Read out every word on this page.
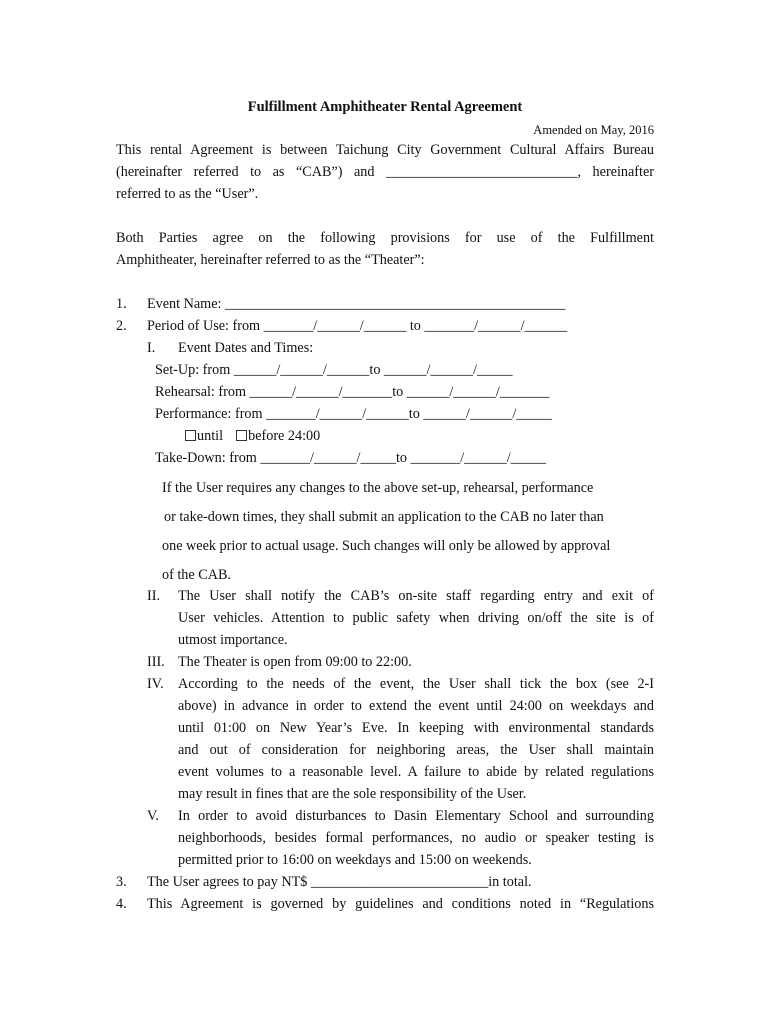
Fulfillment Amphitheater Rental Agreement
Amended on May, 2016
This rental Agreement is between Taichung City Government Cultural Affairs Bureau
(hereinafter referred to as “CAB”) and ___________________________, hereinafter
referred to as the “User”.
Both Parties agree on the following provisions for use of the Fulfillment
Amphitheater, hereinafter referred to as the “Theater”:
1. Event Name: ________________________________________________
2. Period of Use: from _______/______/______ to _______/______/______
I. Event Dates and Times:
Set-Up: from ______/______/______to ______/______/_____
Rehearsal: from ______/______/_______to ______/______/_______
Performance: from _______/______/______to ______/______/_____
until before 24:00
Take-Down: from _______/______/_____to _______/______/_____
If the User requires any changes to the above set-up, rehearsal, performance
or take-down times, they shall submit an application to the CAB no later than
one week prior to actual usage. Such changes will only be allowed by approval
of the CAB.
II. The User shall notify the CAB’s on-site staff regarding entry and exit of
User vehicles. Attention to public safety when driving on/off the site is of
utmost importance.
III. The Theater is open from 09:00 to 22:00.
IV. According to the needs of the event, the User shall tick the box (see 2-I
above) in advance in order to extend the event until 24:00 on weekdays and
until 01:00 on New Year’s Eve. In keeping with environmental standards
and out of consideration for neighboring areas, the User shall maintain
event volumes to a reasonable level. A failure to abide by related regulations
may result in fines that are the sole responsibility of the User.
V. In order to avoid disturbances to Dasin Elementary School and surrounding
neighborhoods, besides formal performances, no audio or speaker testing is
permitted prior to 16:00 on weekdays and 15:00 on weekends.
3. The User agrees to pay NT$ _________________________in total.
4. This Agreement is governed by guidelines and conditions noted in “Regulations
